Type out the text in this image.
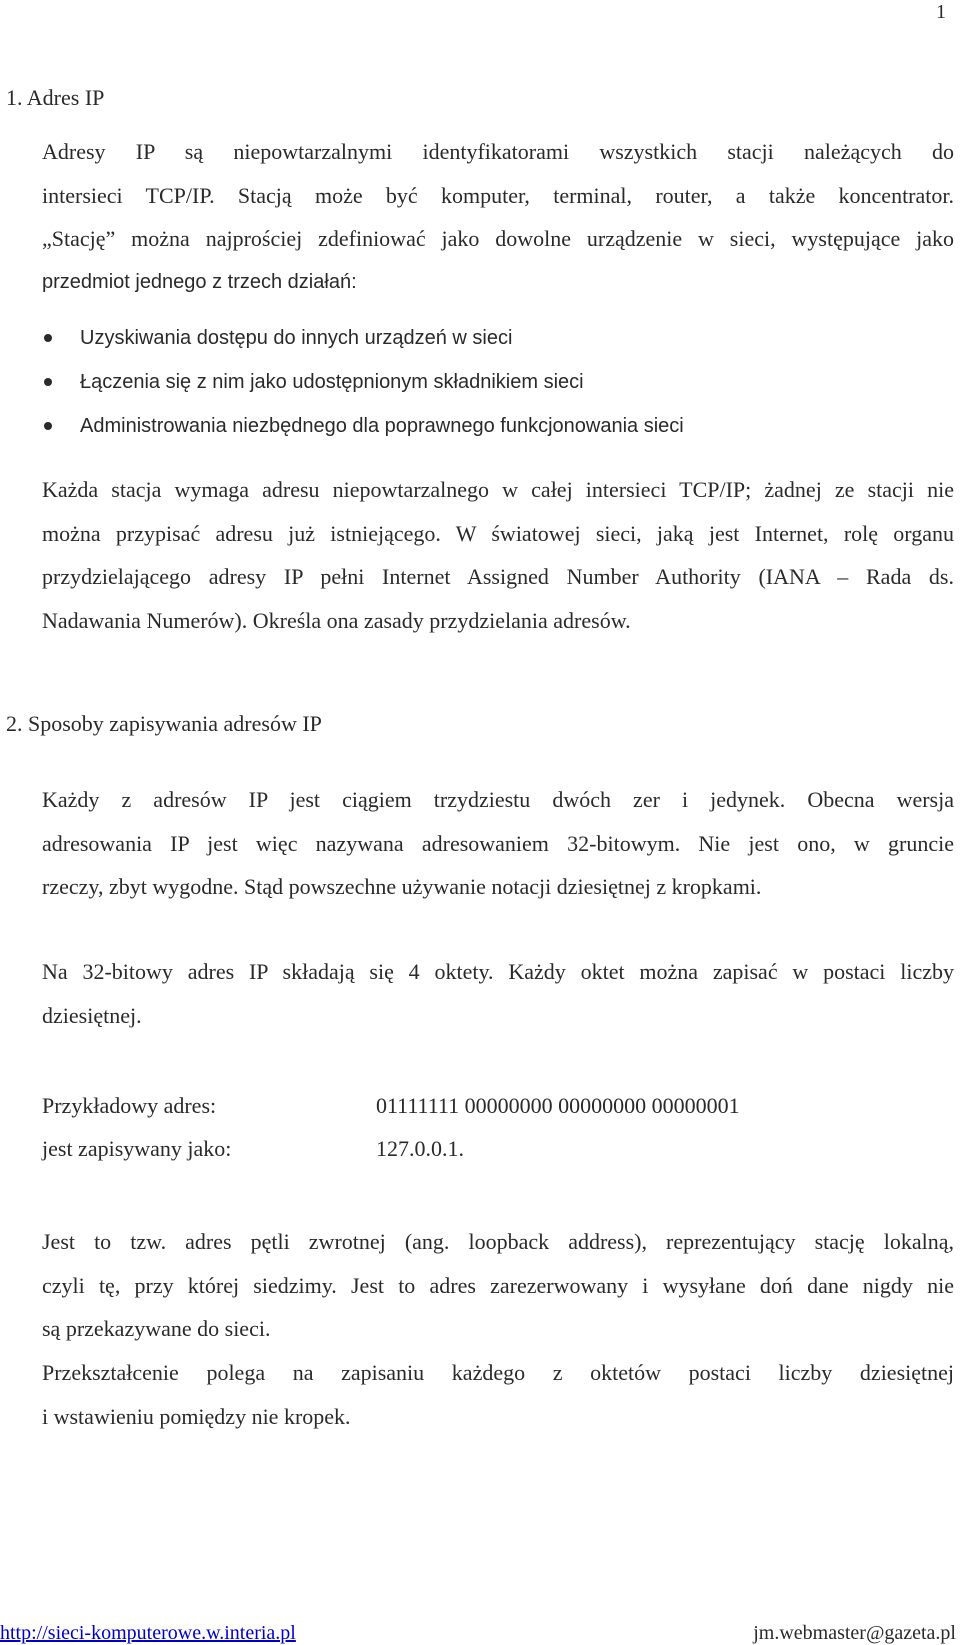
1
1. Adres IP
Adresy IP są niepowtarzalnymi identyfikatorami wszystkich stacji należących do
intersieci TCP/IP. Stacją może być komputer, terminal, router, a także koncentrator.
„Stację” można najprościej zdefiniować jako dowolne urządzenie w sieci, występujące jako
przedmiot jednego z trzech działań:
Uzyskiwania dostępu do innych urządzeń w sieci
Łączenia się z nim jako udostępnionym składnikiem sieci
Administrowania niezbędnego dla poprawnego funkcjonowania sieci
Każda stacja wymaga adresu niepowtarzalnego w całej intersieci TCP/IP; żadnej ze stacji nie
można przypisać adresu już istniejącego. W światowej sieci, jaką jest Internet, rolę organu
przydzielającego adresy IP pełni Internet Assigned Number Authority (IANA – Rada ds.
Nadawania Numerów). Określa ona zasady przydzielania adresów.
2. Sposoby zapisywania adresów IP
Każdy z adresów IP jest ciągiem trzydziestu dwóch zer i jedynek. Obecna wersja
adresowania IP jest więc nazywana adresowaniem 32-bitowym. Nie jest ono, w gruncie
rzeczy, zbyt wygodne. Stąd powszechne używanie notacji dziesiętnej z kropkami.
Na 32-bitowy adres IP składają się 4 oktety. Każdy oktet można zapisać w postaci liczby
dziesiętnej.
Przykładowy adres:	01111111 00000000 00000000 00000001
jest zapisywany jako:	127.0.0.1.
Jest to tzw. adres pętli zwrotnej (ang. loopback address), reprezentujący stację lokalną,
czyli tę, przy której siedzimy. Jest to adres zarezerwowany i wysyłane doń dane nigdy nie
są przekazywane do sieci.
Przekształcenie polega na zapisaniu każdego z oktetów postaci liczby dziesiętnej
i wstawieniu pomiędzy nie kropek.
http://sieci-komputerowe.w.interia.pl	jm.webmaster@gazeta.pl
